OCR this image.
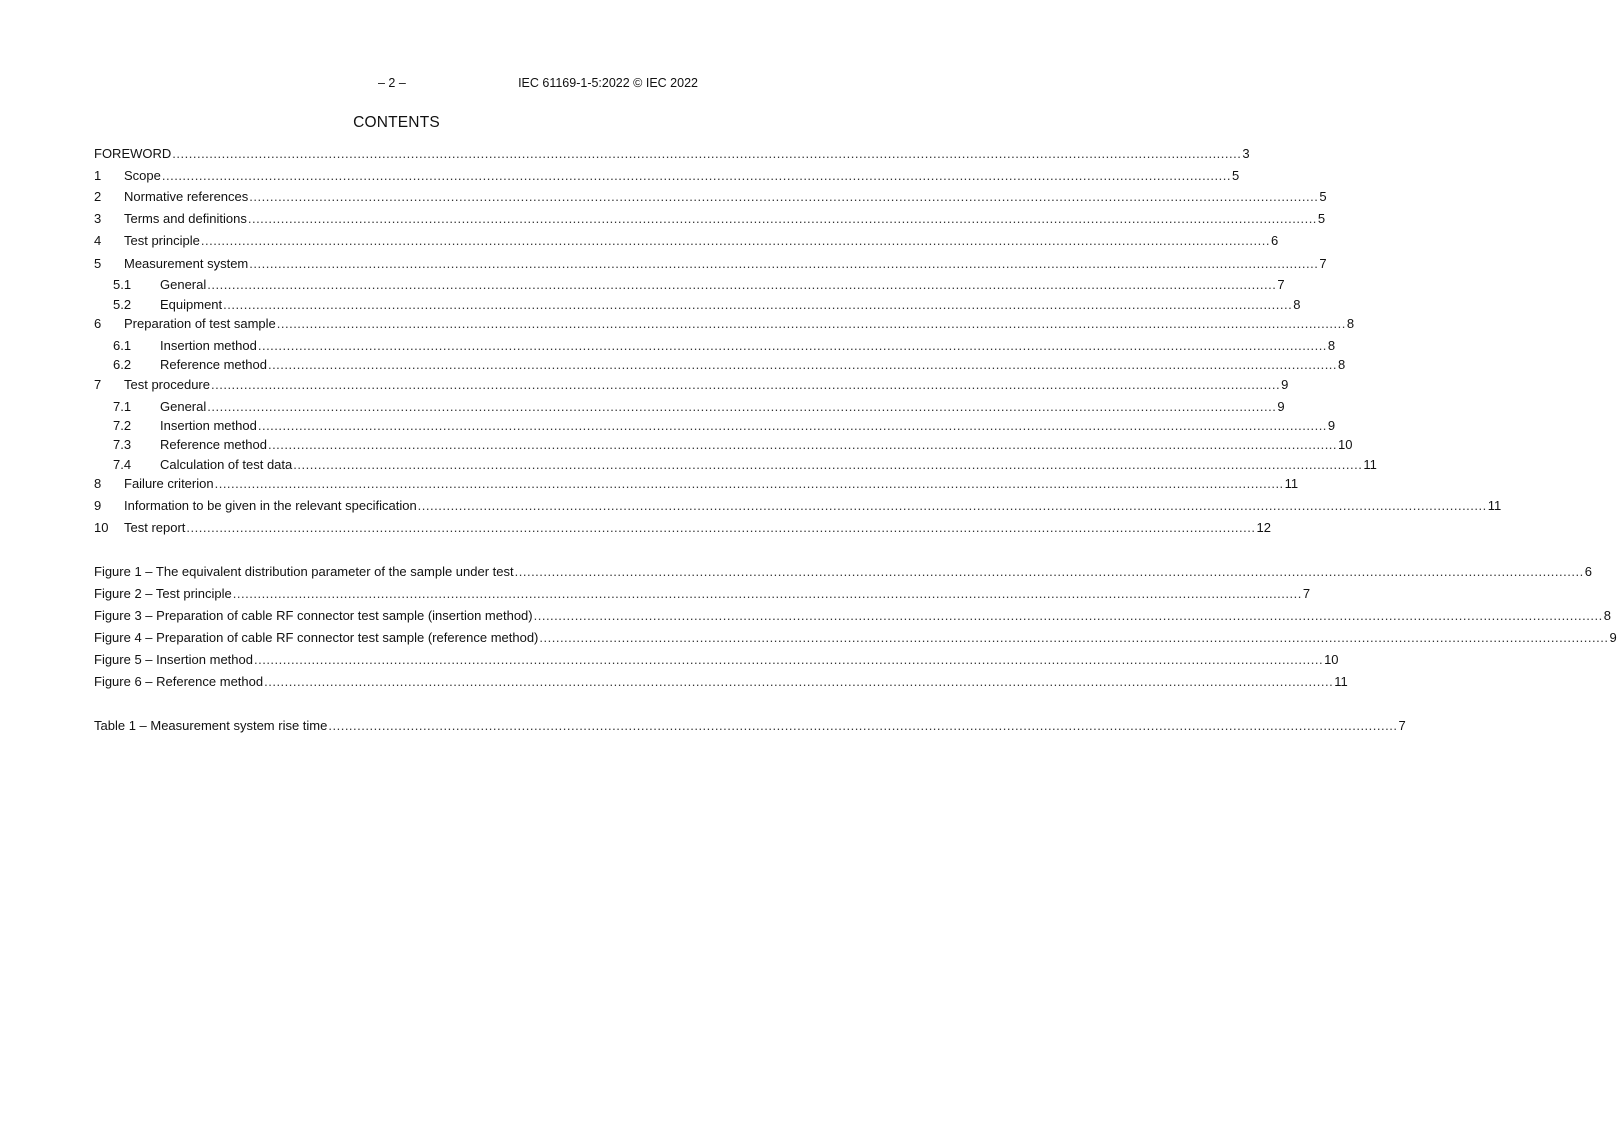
– 2 –	IEC 61169-1-5:2022 © IEC 2022
CONTENTS
FOREWORD .................................................................................................................................................................................................................................................................... 3
1 Scope .................................................................................................................................................................................................................................................................... 5
2 Normative references .................................................................................................................................................................................................................................................................... 5
3 Terms and definitions .................................................................................................................................................................................................................................................................... 5
4 Test principle .................................................................................................................................................................................................................................................................... 6
5 Measurement system .................................................................................................................................................................................................................................................................... 7
5.1 General .................................................................................................................................................................................................................................................................... 7
5.2 Equipment .................................................................................................................................................................................................................................................................... 8
6 Preparation of test sample .................................................................................................................................................................................................................................................................... 8
6.1 Insertion method .................................................................................................................................................................................................................................................................... 8
6.2 Reference method .................................................................................................................................................................................................................................................................... 8
7 Test procedure .................................................................................................................................................................................................................................................................... 9
7.1 General .................................................................................................................................................................................................................................................................... 9
7.2 Insertion method .................................................................................................................................................................................................................................................................... 9
7.3 Reference method .................................................................................................................................................................................................................................................................... 10
7.4 Calculation of test data .................................................................................................................................................................................................................................................................... 11
8 Failure criterion .................................................................................................................................................................................................................................................................... 11
9 Information to be given in the relevant specification .................................................................................................................................................................................................................................................................... 11
10 Test report .................................................................................................................................................................................................................................................................... 12
Figure 1 – The equivalent distribution parameter of the sample under test .................................................................................................................................................................................................................................................................... 6
Figure 2 – Test principle .................................................................................................................................................................................................................................................................... 7
Figure 3 – Preparation of cable RF connector test sample (insertion method) .................................................................................................................................................................................................................................................................... 8
Figure 4 – Preparation of cable RF connector test sample (reference method) .................................................................................................................................................................................................................................................................... 9
Figure 5 – Insertion method .................................................................................................................................................................................................................................................................... 10
Figure 6 – Reference method .................................................................................................................................................................................................................................................................... 11
Table 1 – Measurement system rise time .................................................................................................................................................................................................................................................................... 7
